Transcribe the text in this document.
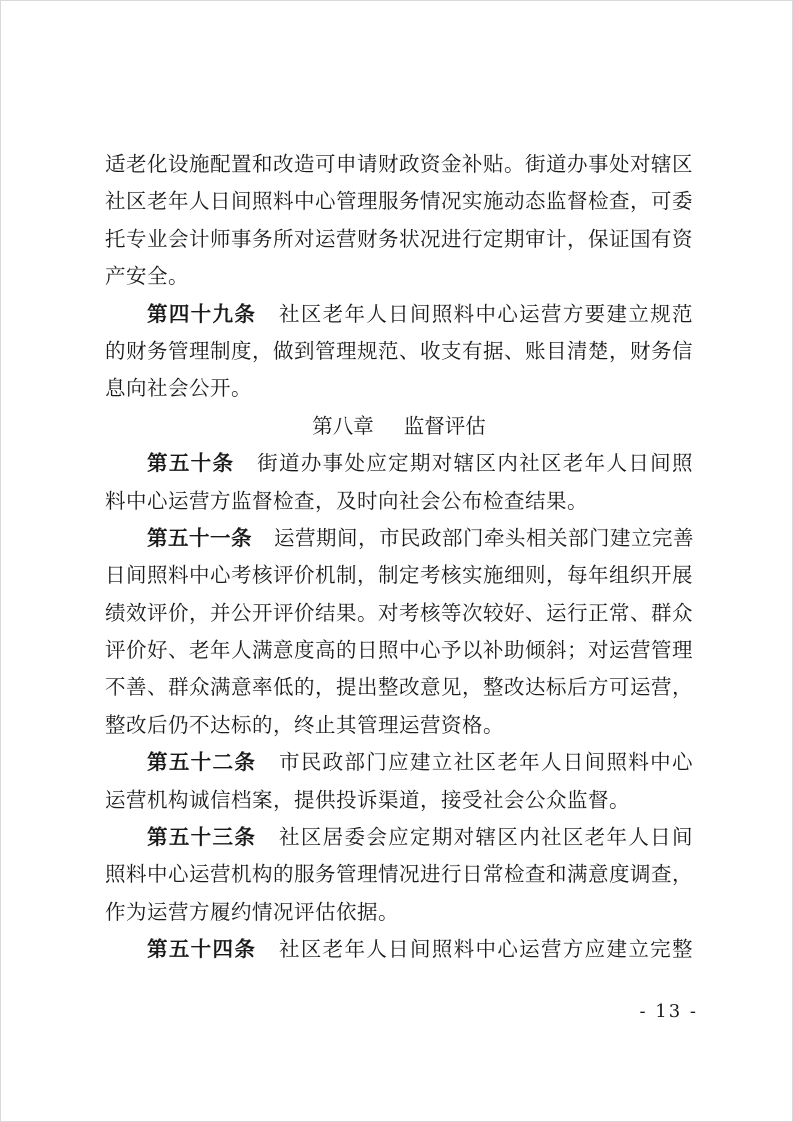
适老化设施配置和改造可申请财政资金补贴。街道办事处对辖区
社区老年人日间照料中心管理服务情况实施动态监督检查，可委
托专业会计师事务所对运营财务状况进行定期审计，保证国有资
产安全。
第四十九条 社区老年人日间照料中心运营方要建立规范
的财务管理制度，做到管理规范、收支有据、账目清楚，财务信
息向社会公开。
第八章 监督评估
第五十条 街道办事处应定期对辖区内社区老年人日间照
料中心运营方监督检查，及时向社会公布检查结果。
第五十一条 运营期间，市民政部门牵头相关部门建立完善
日间照料中心考核评价机制，制定考核实施细则，每年组织开展
绩效评价，并公开评价结果。对考核等次较好、运行正常、群众
评价好、老年人满意度高的日照中心予以补助倾斜；对运营管理
不善、群众满意率低的，提出整改意见，整改达标后方可运营，
整改后仍不达标的，终止其管理运营资格。
第五十二条 市民政部门应建立社区老年人日间照料中心
运营机构诚信档案，提供投诉渠道，接受社会公众监督。
第五十三条 社区居委会应定期对辖区内社区老年人日间
照料中心运营机构的服务管理情况进行日常检查和满意度调查，
作为运营方履约情况评估依据。
第五十四条 社区老年人日间照料中心运营方应建立完整
- 13 -
